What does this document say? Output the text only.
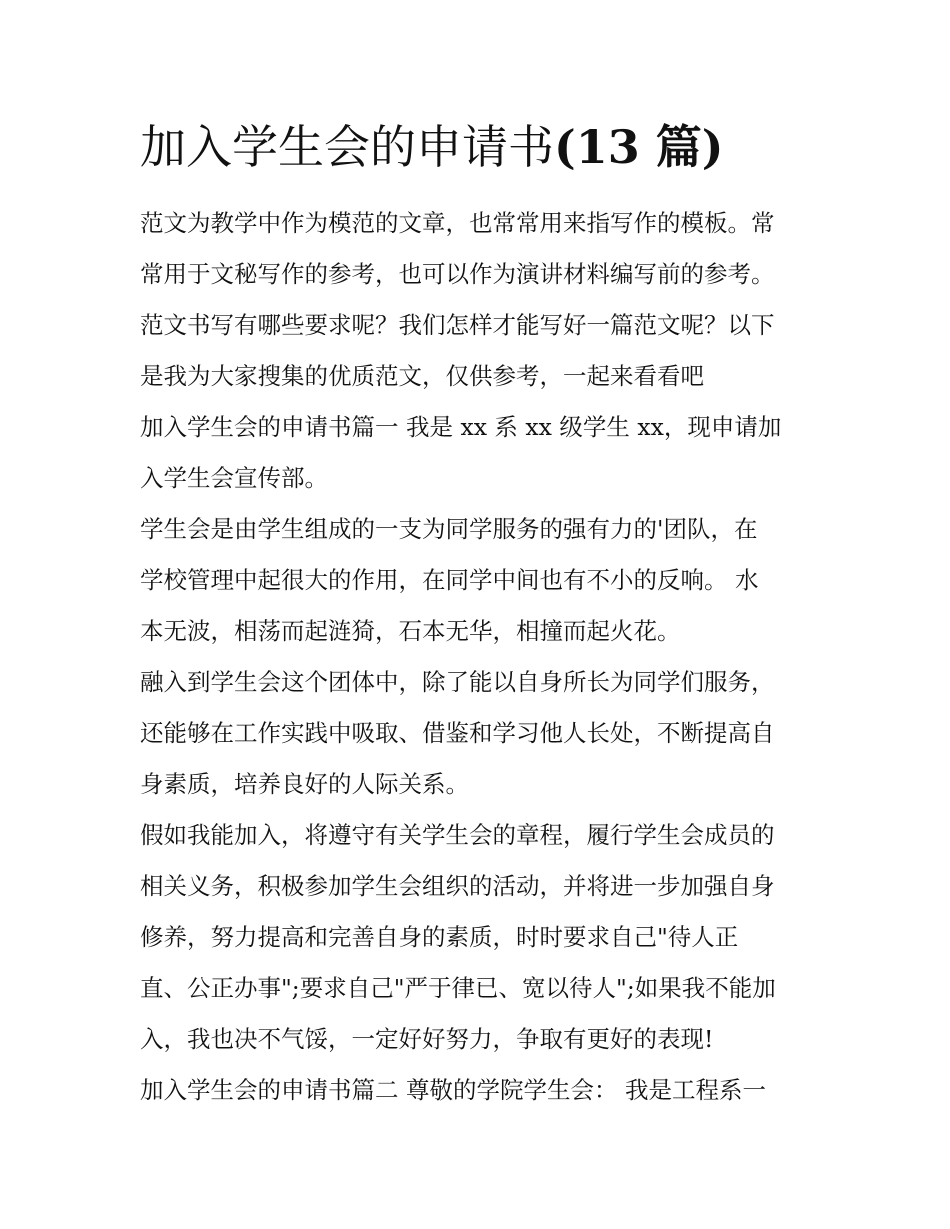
加入学生会的申请书(13 篇)

范文为教学中作为模范的文章，也常常用来指写作的模板。常

常用于文秘写作的参考，也可以作为演讲材料编写前的参考。

范文书写有哪些要求呢？我们怎样才能写好一篇范文呢？以下

是我为大家搜集的优质范文，仅供参考，一起来看看吧

加入学生会的申请书篇一 我是 xx 系 xx 级学生 xx，现申请加

入学生会宣传部。

学生会是由学生组成的一支为同学服务的强有力的'团队，在

学校管理中起很大的作用，在同学中间也有不小的反响。 水

本无波，相荡而起涟猗，石本无华，相撞而起火花。

融入到学生会这个团体中，除了能以自身所长为同学们服务，

还能够在工作实践中吸取、借鉴和学习他人长处，不断提高自

身素质，培养良好的人际关系。

假如我能加入，将遵守有关学生会的章程，履行学生会成员的

相关义务，积极参加学生会组织的活动，并将进一步加强自身

修养，努力提高和完善自身的素质，时时要求自己"待人正

直、公正办事";要求自己"严于律已、宽以待人";如果我不能加

入，我也决不气馁，一定好好努力，争取有更好的表现!

加入学生会的申请书篇二 尊敬的学院学生会： 我是工程系一
